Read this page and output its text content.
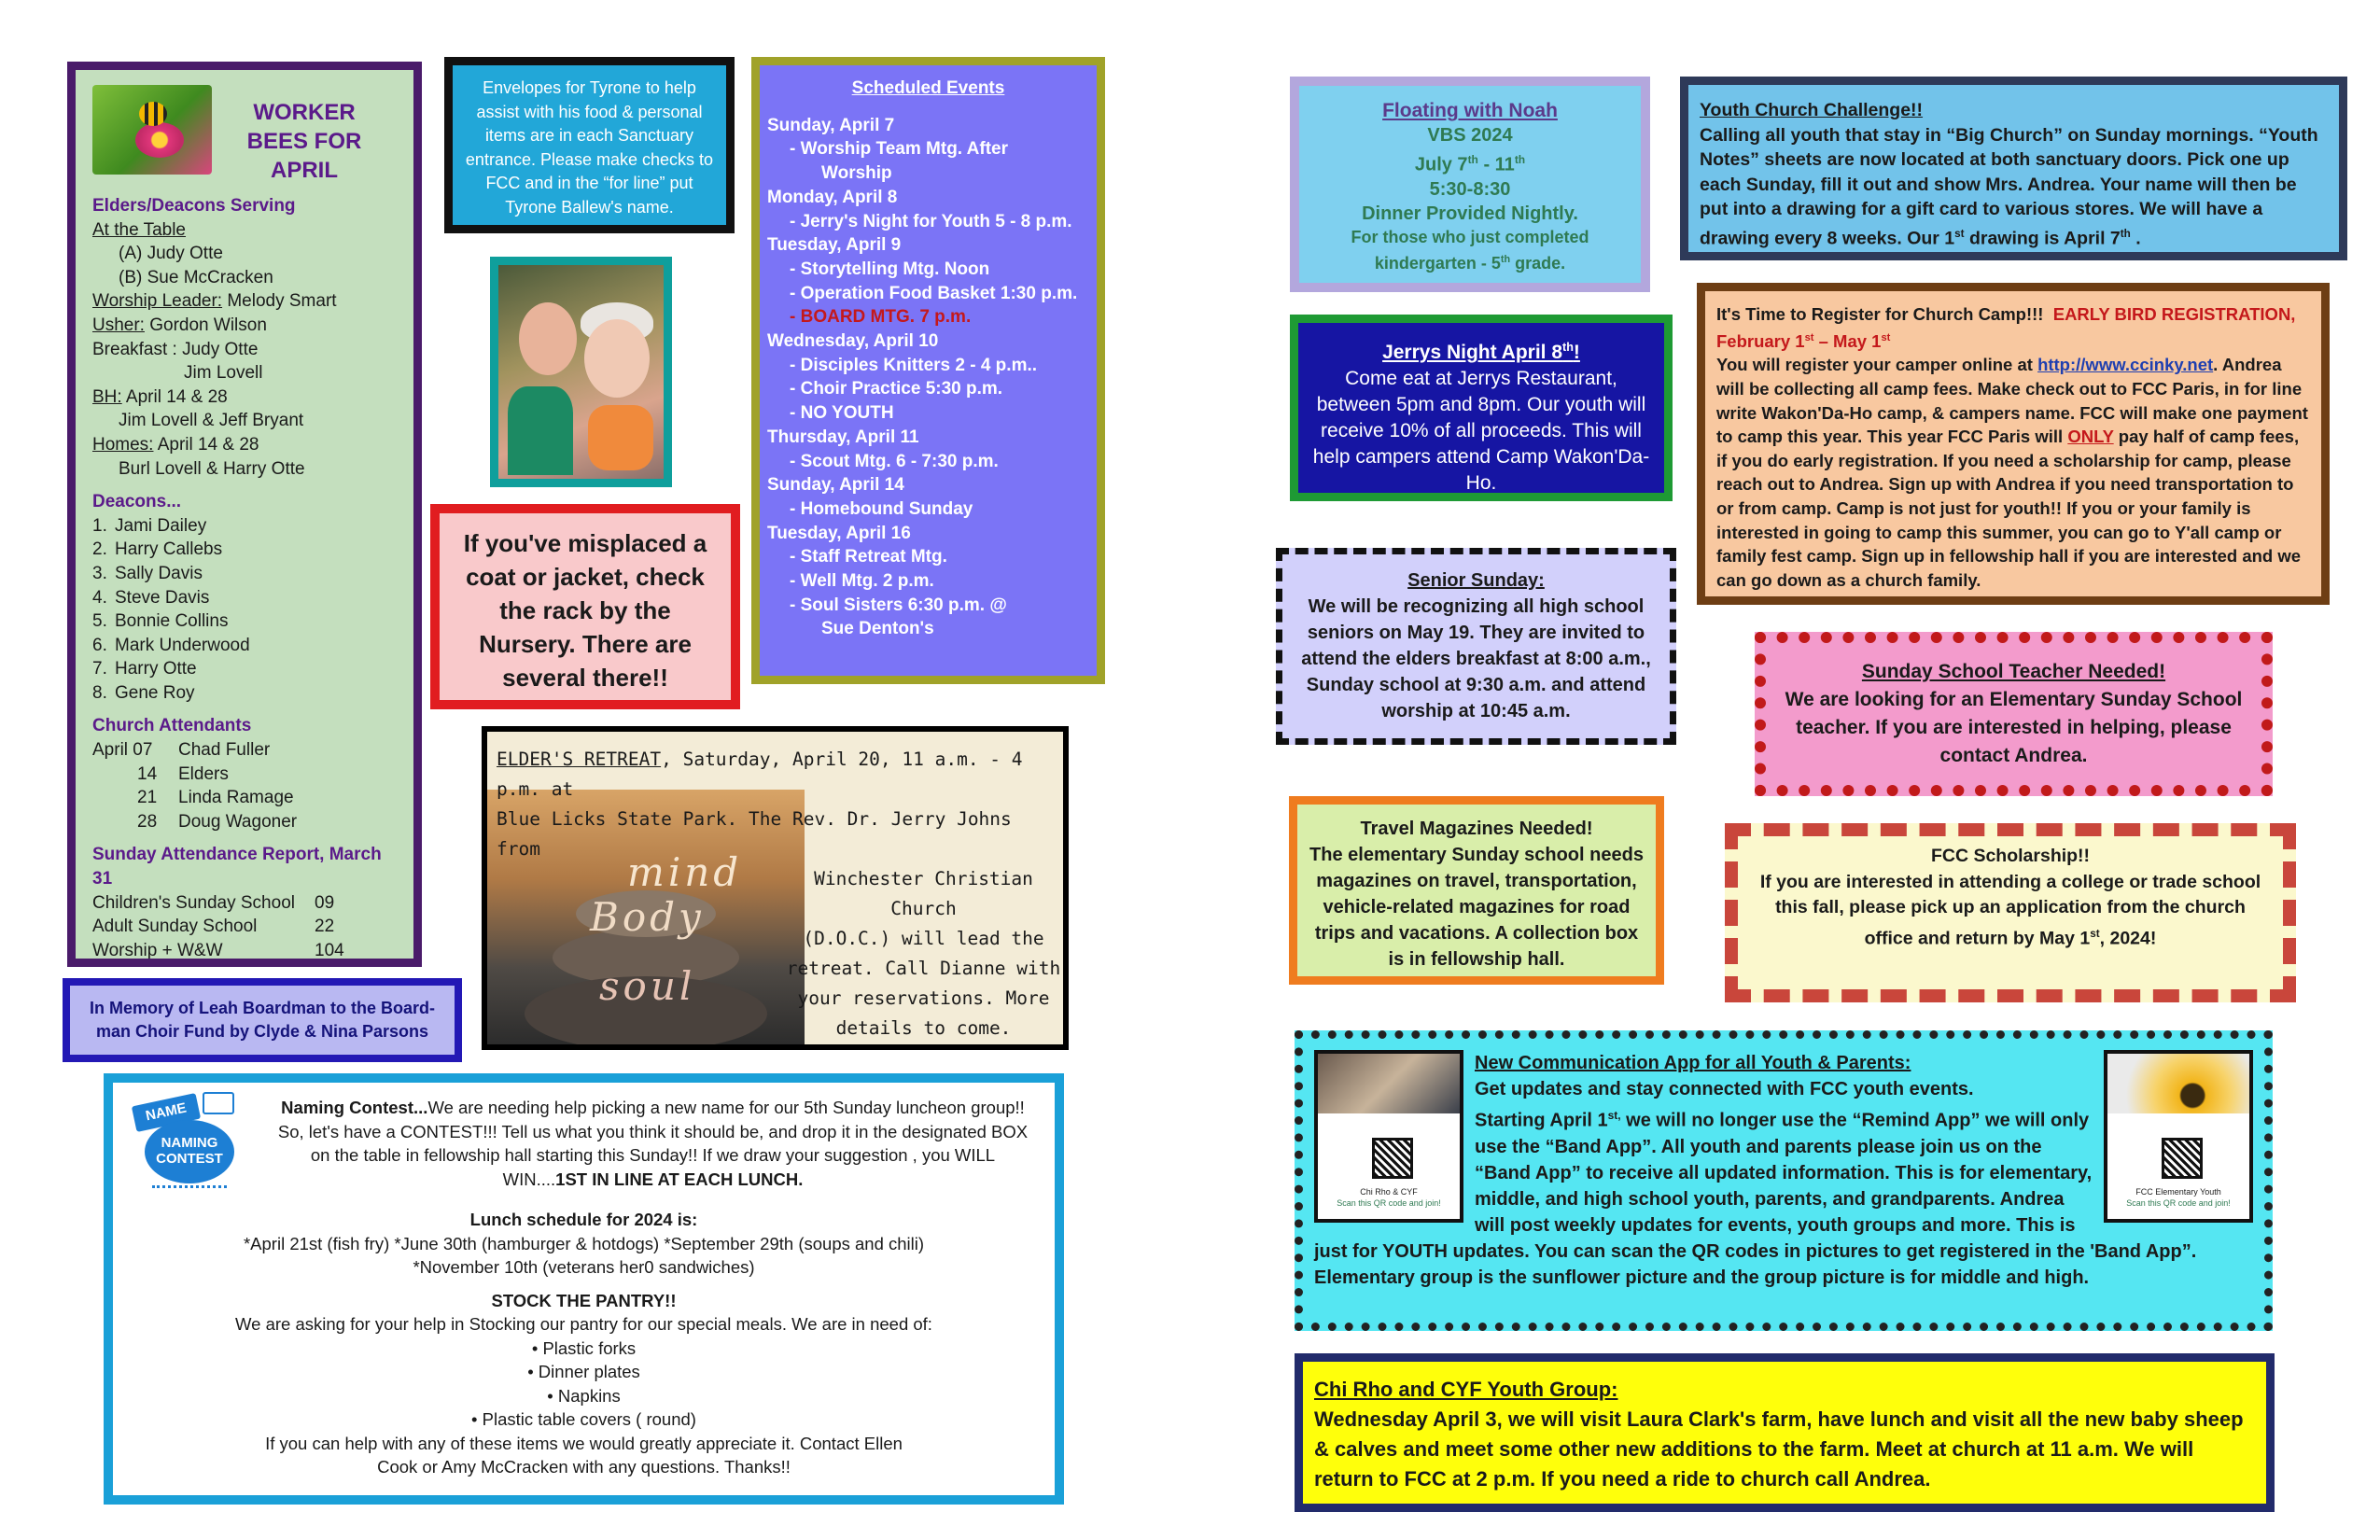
WORKER
BEES FOR
APRIL
Elders/Deacons Serving
At the Table
(A) Judy Otte
(B) Sue McCracken
Worship Leader: Melody Smart
Usher: Gordon Wilson
Breakfast : Judy Otte
Jim Lovell
BH: April 14 & 28
Jim Lovell & Jeff Bryant
Homes: April 14 & 28
Burl Lovell & Harry Otte
Deacons...
1. Jami Dailey
2. Harry Callebs
3. Sally Davis
4. Steve Davis
5. Bonnie Collins
6. Mark Underwood
7. Harry Otte
8. Gene Roy
Church Attendants
April 07	Chad Fuller
14	Elders
21	Linda Ramage
28	Doug Wagoner
Sunday Attendance Report, March 31
Children's Sunday School	09
Adult Sunday School	22
Worship + W&W	104

In Memory of Leah Boardman to the Board-man Choir Fund by Clyde & Nina Parsons

Envelopes for Tyrone to help assist with his food & personal items are in each Sanctuary entrance. Please make checks to FCC and in the “for line” put Tyrone Ballew's name.

If you've misplaced a coat or jacket, check the rack by the Nursery. There are several there!!

Scheduled Events
Sunday, April 7
- Worship Team Mtg. After
Worship
Monday, April 8
- Jerry's Night for Youth 5 - 8 p.m.
Tuesday, April 9
- Storytelling Mtg. Noon
- Operation Food Basket 1:30 p.m.
- BOARD MTG. 7 p.m.
Wednesday, April 10
- Disciples Knitters 2 - 4 p.m..
- Choir Practice 5:30 p.m.
- NO YOUTH
Thursday, April 11
- Scout Mtg. 6 - 7:30 p.m.
Sunday, April 14
- Homebound Sunday
Tuesday, April 16
- Staff Retreat Mtg.
- Well Mtg. 2 p.m.
- Soul Sisters 6:30 p.m. @
Sue Denton's
mind
Body
soul
ELDER'S RETREAT, Saturday, April 20, 11 a.m. - 4 p.m. at
Blue Licks State Park. The Rev. Dr. Jerry Johns from
Winchester Christian Church
(D.O.C.) will lead the
retreat. Call Dianne with
your reservations. More
details to come.
NAME
NAMING CONTEST
Naming Contest...We are needing help picking a new name for our 5th Sunday luncheon group!! So, let's have a CONTEST!!! Tell us what you think it should be, and drop it in the designated BOX on the table in fellowship hall starting this Sunday!! If we draw your suggestion , you WILL WIN....1ST IN LINE AT EACH LUNCH.
Lunch schedule for 2024 is:
*April 21st (fish fry) *June 30th (hamburger & hotdogs) *September 29th (soups and chili)
*November 10th (veterans her0 sandwiches)
STOCK THE PANTRY!!
We are asking for your help in Stocking our pantry for our special meals. We are in need of:
• Plastic forks
• Dinner plates
• Napkins
• Plastic table covers ( round)
If you can help with any of these items we would greatly appreciate it. Contact Ellen Cook or Amy McCracken with any questions. Thanks!!
Floating with Noah
VBS 2024
July 7th - 11th
5:30-8:30
Dinner Provided Nightly.
For those who just completed
kindergarten - 5th grade.
Jerrys Night April 8th!
Come eat at Jerrys Restaurant, between 5pm and 8pm. Our youth will receive 10% of all proceeds. This will help campers attend Camp Wakon'Da-Ho.
Senior Sunday:
We will be recognizing all high school seniors on May 19. They are invited to attend the elders breakfast at 8:00 a.m., Sunday school at 9:30 a.m. and attend worship at 10:45 a.m.
Travel Magazines Needed!
The elementary Sunday school needs magazines on travel, transportation, vehicle-related magazines for road trips and vacations. A collection box is in fellowship hall.
Youth Church Challenge!!
Calling all youth that stay in “Big Church” on Sunday mornings. “Youth Notes” sheets are now located at both sanctuary doors. Pick one up each Sunday, fill it out and show Mrs. Andrea. Your name will then be put into a drawing for a gift card to various stores. We will have a drawing every 8 weeks. Our 1st drawing is April 7th .
It's Time to Register for Church Camp!!! EARLY BIRD REGISTRATION, February 1st – May 1st
You will register your camper online at http://www.ccinky.net. Andrea will be collecting all camp fees. Make check out to FCC Paris, in for line write Wakon'Da-Ho camp, & campers name. FCC will make one payment to camp this year. This year FCC Paris will ONLY pay half of camp fees, if you do early registration. If you need a scholarship for camp, please reach out to Andrea. Sign up with Andrea if you need transportation to or from camp. Camp is not just for youth!! If you or your family is interested in going to camp this summer, you can go to Y'all camp or family fest camp. Sign up in fellowship hall if you are interested and we can go down as a church family.
Sunday School Teacher Needed!
We are looking for an Elementary Sunday School teacher. If you are interested in helping, please contact Andrea.
FCC Scholarship!!
If you are interested in attending a college or trade school this fall, please pick up an application from the church office and return by May 1st, 2024!
Chi Rho & CYF
Scan this QR code and join!
FCC Elementary Youth
Scan this QR code and join!
New Communication App for all Youth & Parents:
Get updates and stay connected with FCC youth events.
Starting April $1^{st,}$ we will no longer use the “Remind App” we will only use the “Band App”. All youth and parents please join us on the “Band App” to receive all updated information. This is for elementary, middle, and high school youth, parents, and grandparents. Andrea will post weekly updates for events, youth groups and more. This is just for YOUTH updates. You can scan the QR codes in pictures to get registered in the 'Band App”. Elementary group is the sunflower picture and the group picture is for middle and high.
Chi Rho and CYF Youth Group:
Wednesday April 3, we will visit Laura Clark's farm, have lunch and visit all the new baby sheep & calves and meet some other new additions to the farm. Meet at church at 11 a.m. We will return to FCC at 2 p.m. If you need a ride to church call Andrea.
